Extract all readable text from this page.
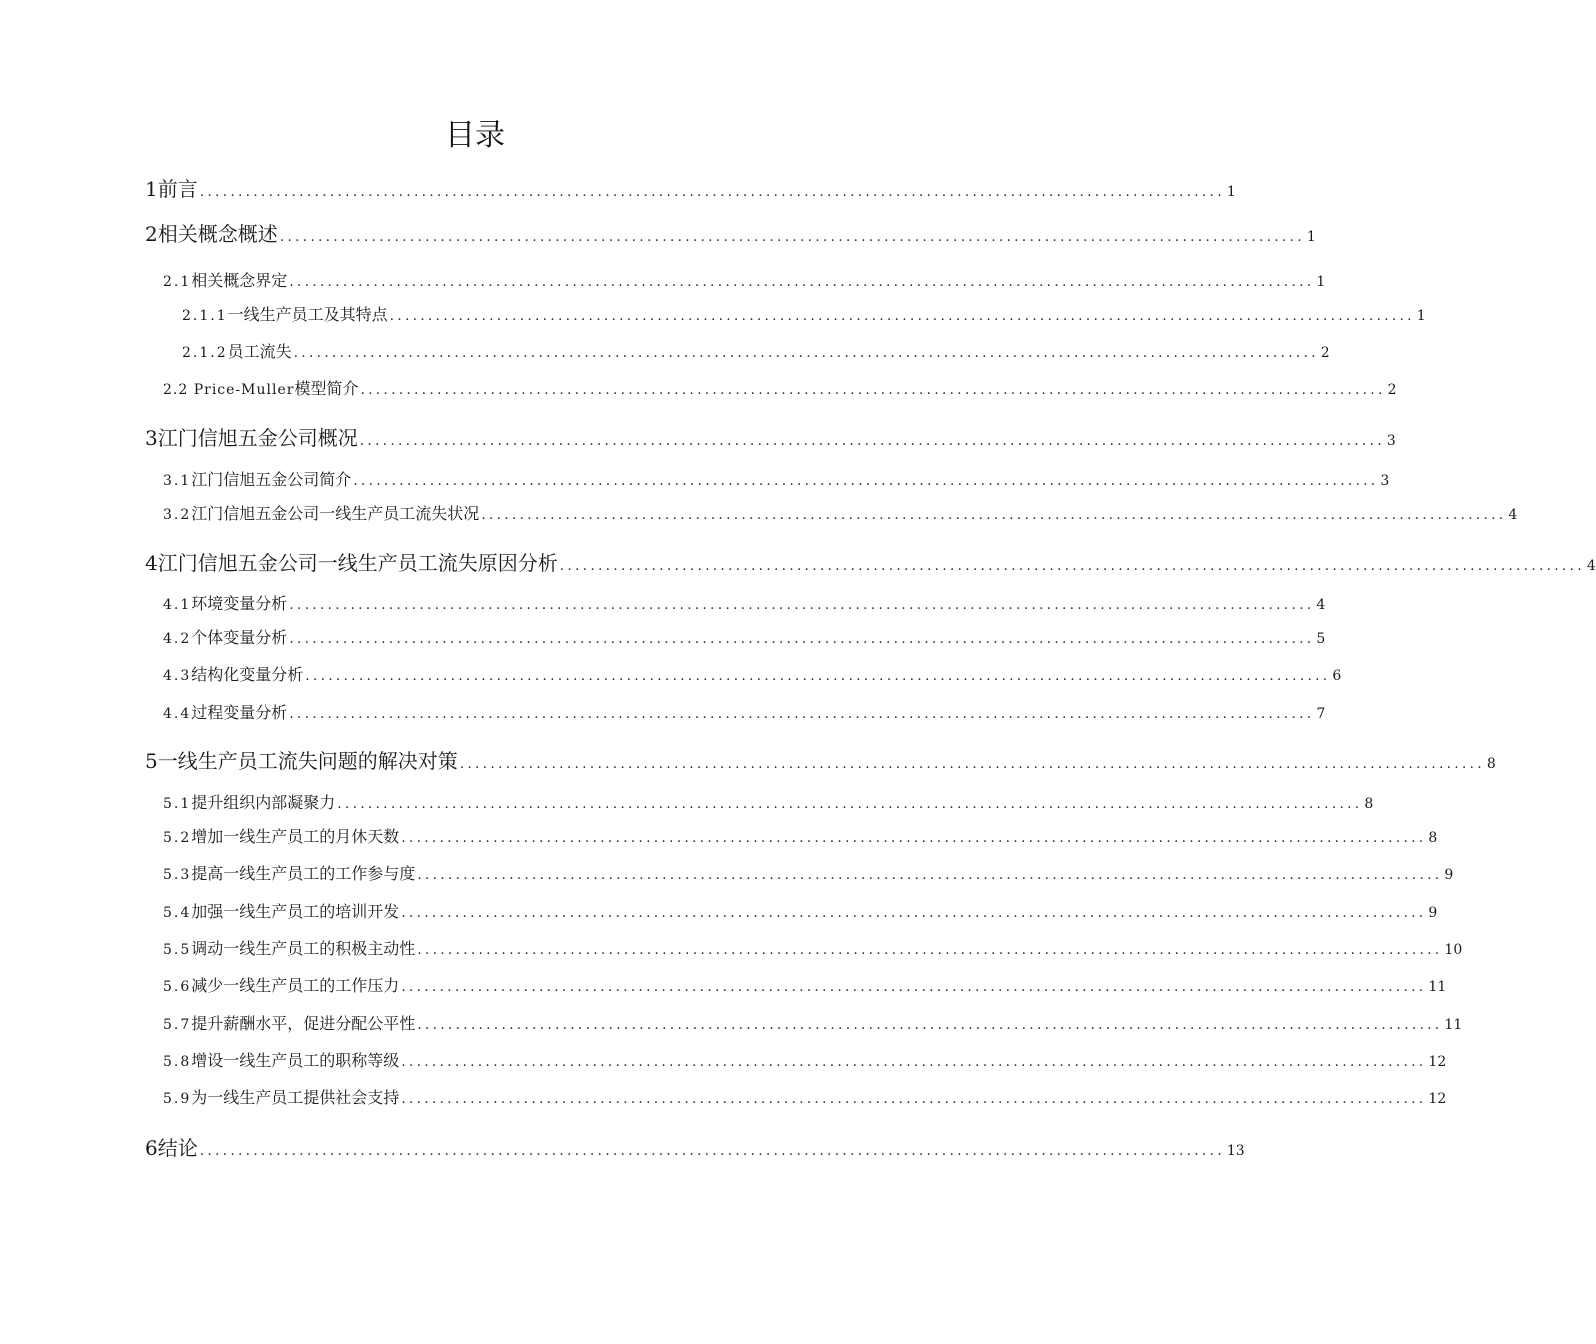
目录
1 前言 ...................................................................................................................................... 1
2 相关概念概述 ...................................................................................................................................... 1
2.1 相关概念界定 ...................................................................................................................................... 1
2.1.1 一线生产员工及其特点 ...................................................................................................................................... 1
2.1.2 员工流失 ...................................................................................................................................... 2
2.2 Price-Muller 模型简介 ...................................................................................................................................... 2
3 江门信旭五金公司概况 ...................................................................................................................................... 3
3.1 江门信旭五金公司简介 ...................................................................................................................................... 3
3.2 江门信旭五金公司一线生产员工流失状况 ...................................................................................................................................... 4
4 江门信旭五金公司一线生产员工流失原因分析 ...................................................................................................................................... 4
4.1 环境变量分析 ...................................................................................................................................... 4
4.2 个体变量分析 ...................................................................................................................................... 5
4.3 结构化变量分析 ...................................................................................................................................... 6
4.4 过程变量分析 ...................................................................................................................................... 7
5 一线生产员工流失问题的解决对策 ...................................................................................................................................... 8
5.1 提升组织内部凝聚力 ...................................................................................................................................... 8
5.2 增加一线生产员工的月休天数 ...................................................................................................................................... 8
5.3 提高一线生产员工的工作参与度 ...................................................................................................................................... 9
5.4 加强一线生产员工的培训开发 ...................................................................................................................................... 9
5.5 调动一线生产员工的积极主动性 ...................................................................................................................................... 10
5.6 减少一线生产员工的工作压力 ...................................................................................................................................... 11
5.7 提升薪酬水平，促进分配公平性 ...................................................................................................................................... 11
5.8 增设一线生产员工的职称等级 ...................................................................................................................................... 12
5.9 为一线生产员工提供社会支持 ...................................................................................................................................... 12
6 结论 ...................................................................................................................................... 13
